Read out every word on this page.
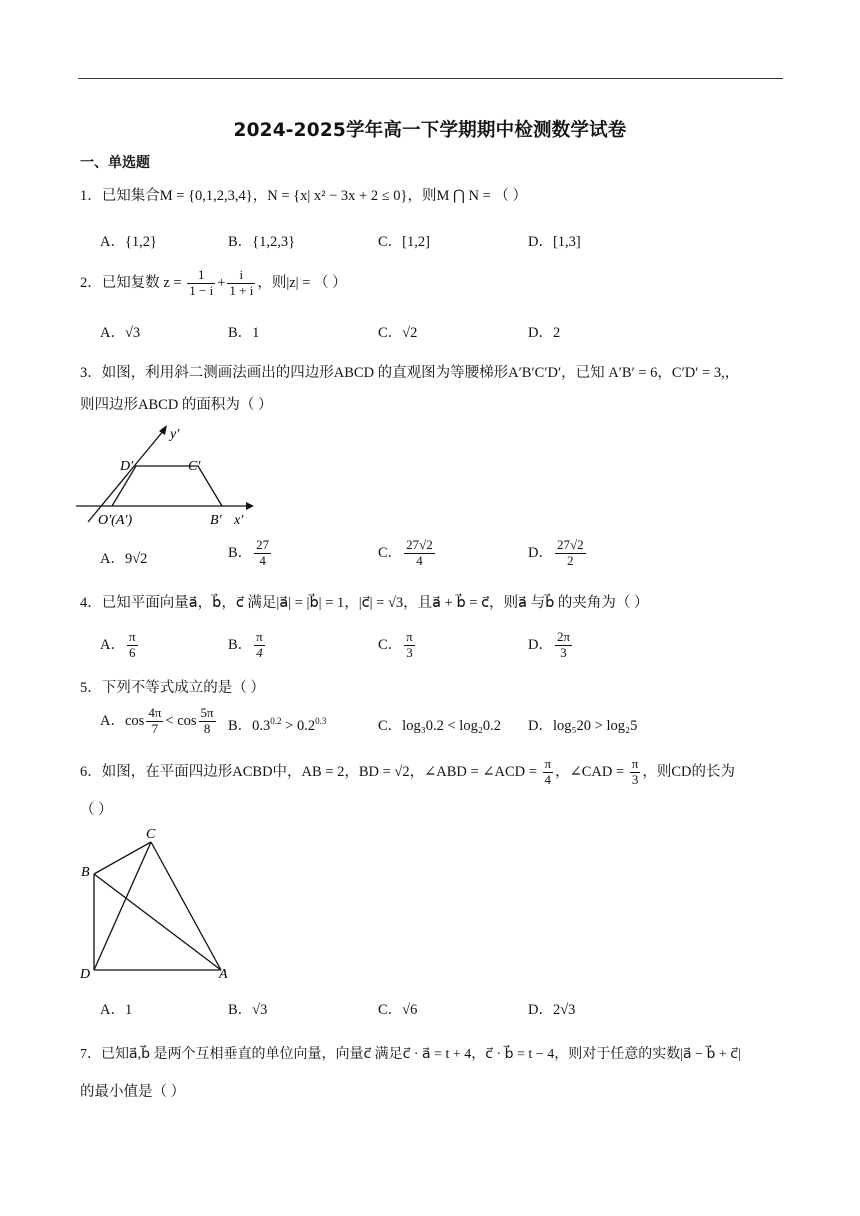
2024-2025学年高一下学期期中检测数学试卷
一、单选题
1．已知集合M = {0,1,2,3,4}，N = {x| x² − 3x + 2 ≤ 0}，则M ⋂ N = （ ）
A．{1,2}	B．{1,2,3}	C．[1,2]	D．[1,3]
2．已知复数 $z = \frac{1}{1 - i} + \frac{i}{1 + i}$ ，则|z| = （ ）
A．√3	B．1	C．√2	D．2
3．如图，利用斜二测画法画出的四边形ABCD 的直观图为等腰梯形A′B′C′D′，已知 A′B′ = 6，C′D′ = 3,，
则四边形ABCD 的面积为（ ）
y′
x′
D′	C′
O′(A′)	B′
A．9√2	B． $\frac{27}{4}$	C． $\frac{27√2}{4}$	D． $\frac{27√2}{2}$
4．已知平面向量a⃗，b⃗，c⃗ 满足|a⃗| = |b⃗| = 1，|c⃗| = √3，且a⃗ + b⃗ = c⃗，则a⃗ 与b⃗ 的夹角为（ ）
A． $\frac{\pi}{6}$	B． $\frac{\pi}{4}$	C． $\frac{\pi}{3}$	D． $\frac{2\pi}{3}$
5．下列不等式成立的是（ ）
A．$\cos \frac{4\pi}{7} < \cos \frac{5\pi}{8}$ B．$0.3^{0.2} > 0.2^{0.3}$	C．log₃0.2 < log₂0.2 D．log₅20 > log₂5
6．如图，在平面四边形ACBD中，AB = 2，BD = √2，∠ABD = ∠ACD = $\frac{\pi}{4}$ ，∠CAD = $\frac{\pi}{3}$ ，则CD的长为
（ ）
C
B
D	A
A．1	B．√3	C．√6	D．2√3
7．已知a⃗,b⃗ 是两个互相垂直的单位向量，向量c⃗ 满足c⃗ · a⃗ = t + 4，c⃗ · b⃗ = t − 4，则对于任意的实数|a⃗ − b⃗ + c⃗|
的最小值是（ ）
